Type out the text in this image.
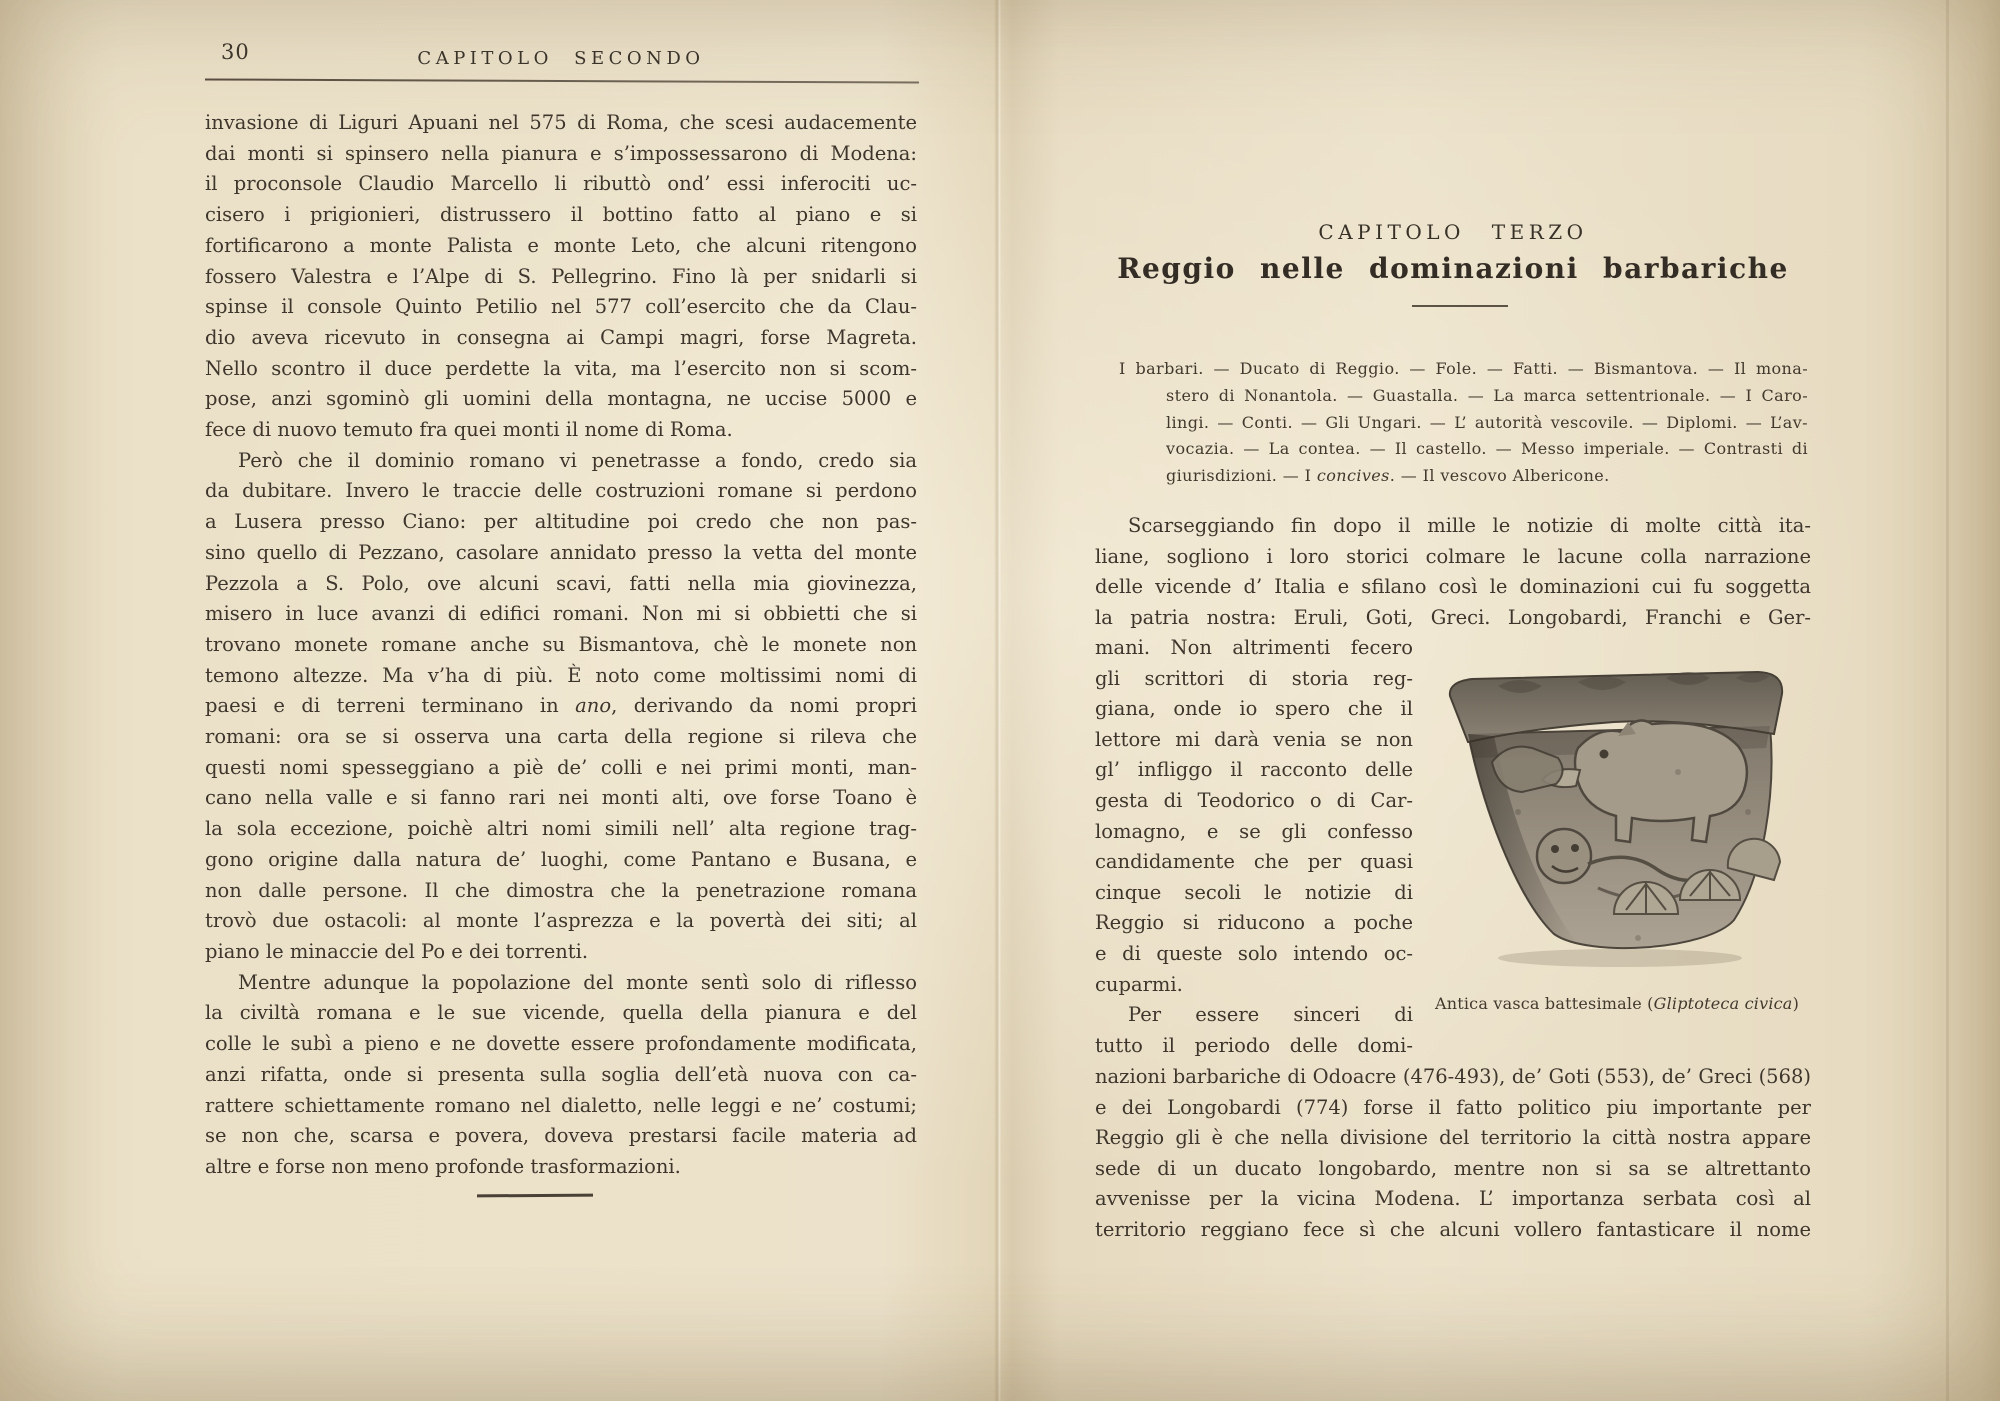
30	CAPITOLO SECONDO
invasione di Liguri Apuani nel 575 di Roma, che scesi audacemente
dai monti si spinsero nella pianura e s’impossessarono di Modena:
il proconsole Claudio Marcello li ributtò ond’ essi inferociti uc-
cisero i prigionieri, distrussero il bottino fatto al piano e si
fortificarono a monte Palista e monte Leto, che alcuni ritengono
fossero Valestra e l’Alpe di S. Pellegrino. Fino là per snidarli si
spinse il console Quinto Petilio nel 577 coll’esercito che da Clau-
dio aveva ricevuto in consegna ai Campi magri, forse Magreta.
Nello scontro il duce perdette la vita, ma l’esercito non si scom-
pose, anzi sgominò gli uomini della montagna, ne uccise 5000 e
fece di nuovo temuto fra quei monti il nome di Roma.
Però che il dominio romano vi penetrasse a fondo, credo sia
da dubitare. Invero le traccie delle costruzioni romane si perdono
a Lusera presso Ciano: per altitudine poi credo che non pas-
sino quello di Pezzano, casolare annidato presso la vetta del monte
Pezzola a S. Polo, ove alcuni scavi, fatti nella mia giovinezza,
misero in luce avanzi di edifici romani. Non mi si obbietti che si
trovano monete romane anche su Bismantova, chè le monete non
temono altezze. Ma v’ha di più. È noto come moltissimi nomi di
paesi e di terreni terminano in ano, derivando da nomi propri
romani: ora se si osserva una carta della regione si rileva che
questi nomi spesseggiano a piè de’ colli e nei primi monti, man-
cano nella valle e si fanno rari nei monti alti, ove forse Toano è
la sola eccezione, poichè altri nomi simili nell’ alta regione trag-
gono origine dalla natura de’ luoghi, come Pantano e Busana, e
non dalle persone. Il che dimostra che la penetrazione romana
trovò due ostacoli: al monte l’asprezza e la povertà dei siti; al
piano le minaccie del Po e dei torrenti.
Mentre adunque la popolazione del monte sentì solo di riflesso
la civiltà romana e le sue vicende, quella della pianura e del
colle le subì a pieno e ne dovette essere profondamente modificata,
anzi rifatta, onde si presenta sulla soglia dell’età nuova con ca-
rattere schiettamente romano nel dialetto, nelle leggi e ne’ costumi;
se non che, scarsa e povera, doveva prestarsi facile materia ad
altre e forse non meno profonde trasformazioni.
CAPITOLO TERZO
Reggio nelle dominazioni barbariche
I barbari. — Ducato di Reggio. — Fole. — Fatti. — Bismantova. — Il mona-
stero di Nonantola. — Guastalla. — La marca settentrionale. — I Caro-
lingi. — Conti. — Gli Ungari. — L’ autorità vescovile. — Diplomi. — L’av-
vocazia. — La contea. — Il castello. — Messo imperiale. — Contrasti di
giurisdizioni. — I concives. — Il vescovo Albericone.
Scarseggiando fin dopo il mille le notizie di molte città ita-
liane, sogliono i loro storici colmare le lacune colla narrazione
delle vicende d’ Italia e sfilano così le dominazioni cui fu soggetta
la patria nostra: Eruli, Goti, Greci. Longobardi, Franchi e Ger-
mani. Non altrimenti fecero
gli scrittori di storia reg-
giana, onde io spero che il
lettore mi darà venia se non
gl’ infliggo il racconto delle
gesta di Teodorico o di Car-
lomagno, e se gli confesso
candidamente che per quasi
cinque secoli le notizie di
Reggio si riducono a poche
e di queste solo intendo oc-
cuparmi.
Per essere sinceri di
tutto il periodo delle domi-
nazioni barbariche di Odoacre (476-493), de’ Goti (553), de’ Greci (568)
e dei Longobardi (774) forse il fatto politico piu importante per
Reggio gli è che nella divisione del territorio la città nostra appare
sede di un ducato longobardo, mentre non si sa se altrettanto
avvenisse per la vicina Modena. L’ importanza serbata così al
territorio reggiano fece sì che alcuni vollero fantasticare il nome
Antica vasca battesimale (Gliptoteca civica)
